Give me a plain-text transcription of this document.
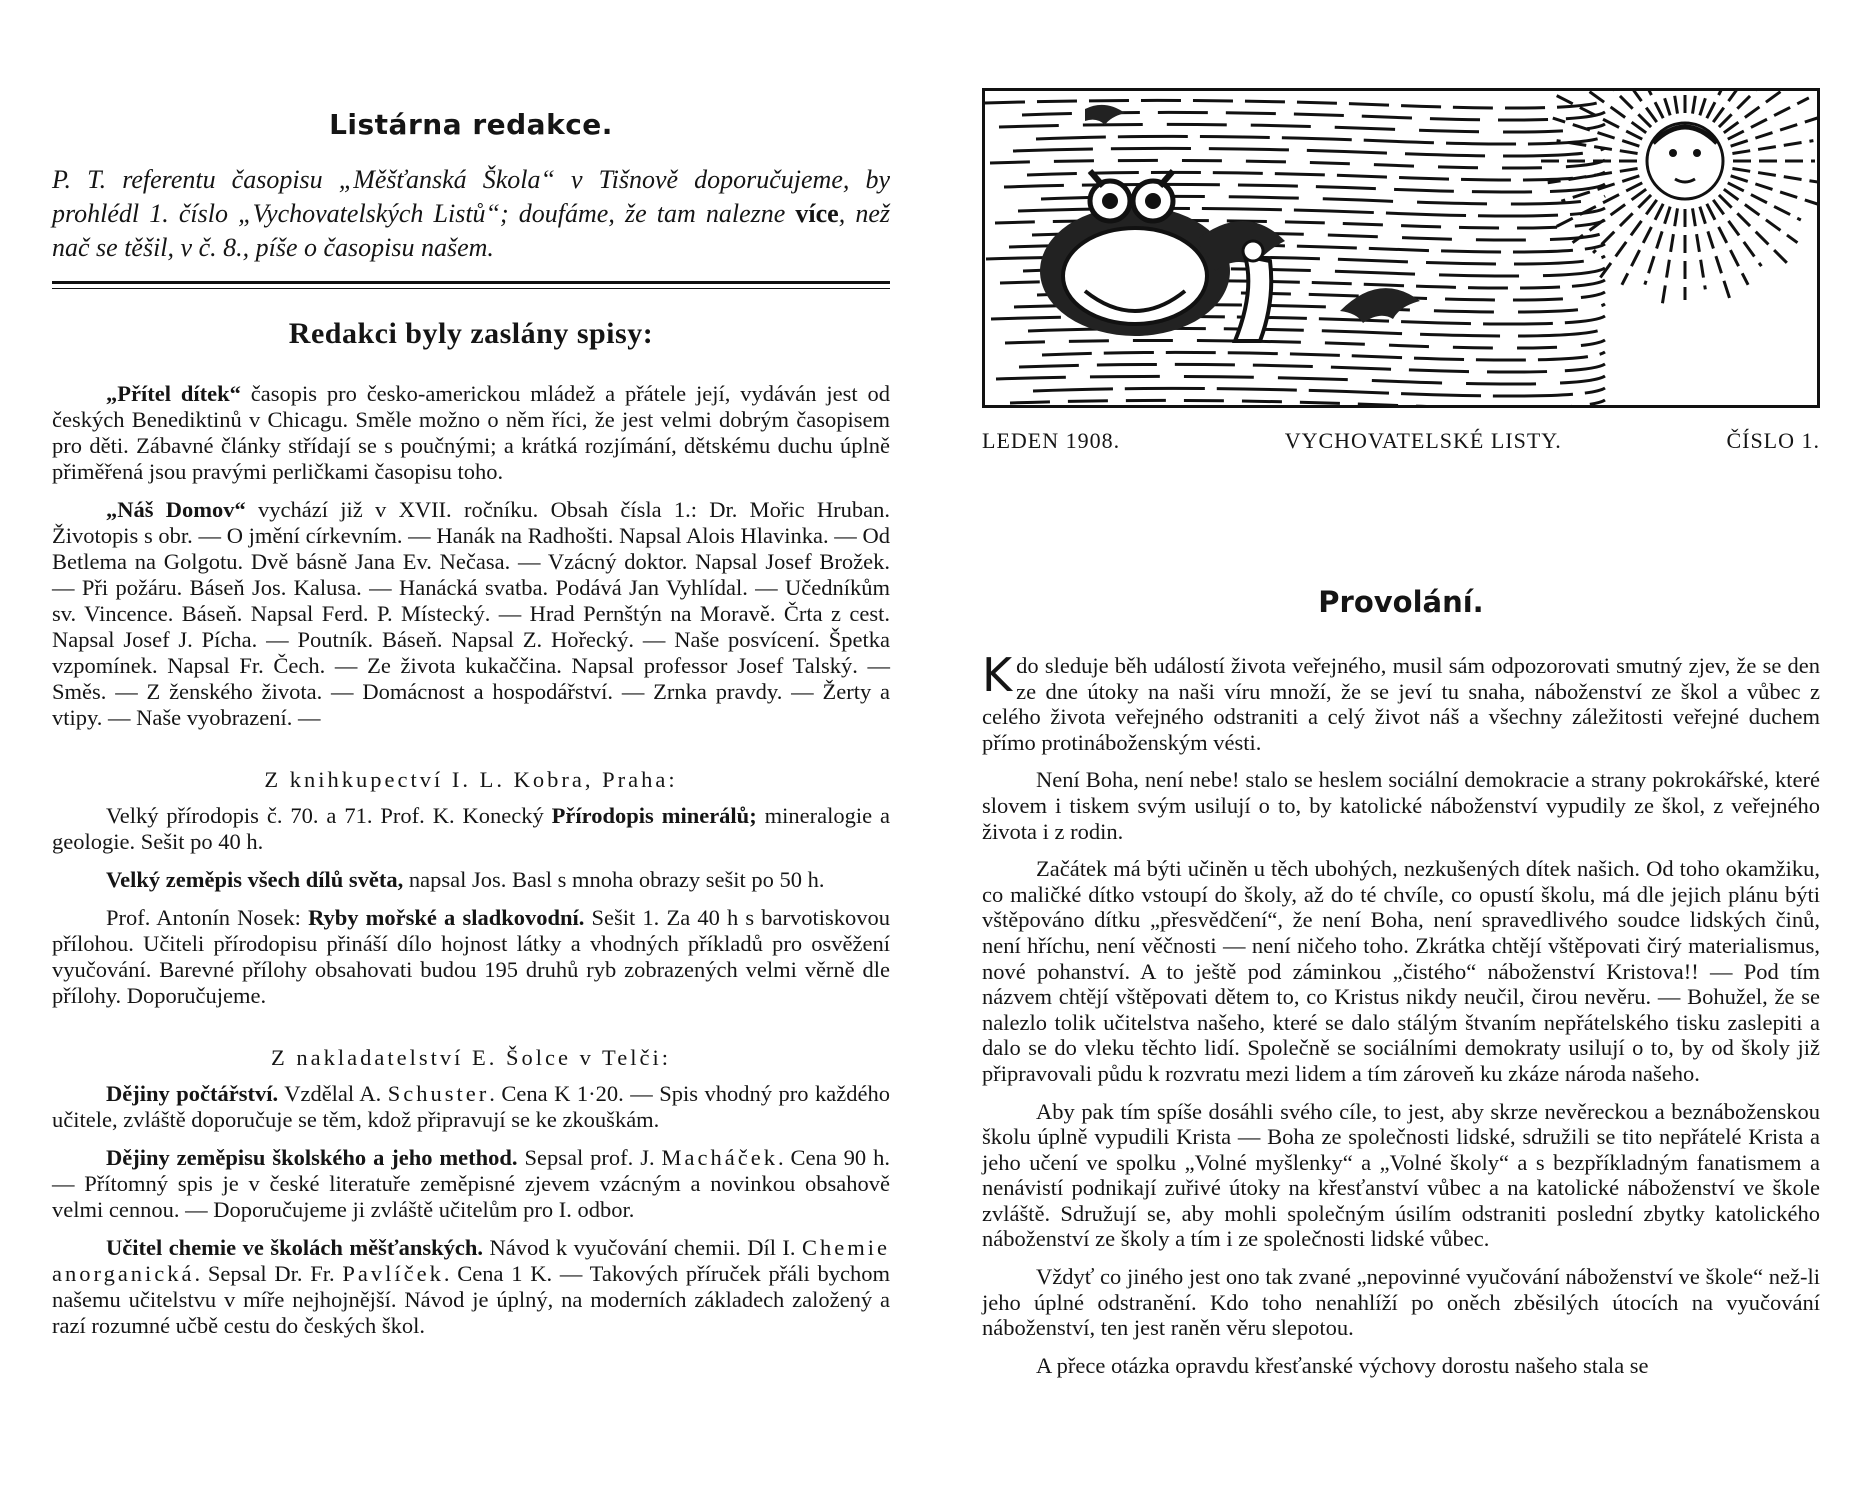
Listárna redakce.

P. T. referentu časopisu „Měšťanská Škola“ v Tišnově doporučujeme, by prohlédl 1. číslo „Vychovatelských Listů“; doufáme, že tam nalezne více, než nač se těšil, v č. 8., píše o časopisu našem.

Redakci byly zaslány spisy:

„Přítel dítek“ časopis pro česko-americkou mládež a přátele její, vydáván jest od českých Benediktinů v Chicagu. Směle možno o něm říci, že jest velmi dobrým časopisem pro děti. Zábavné články střídají se s poučnými; a krátká rozjímání, dětskému duchu úplně přiměřená jsou pravými perličkami časopisu toho.

„Náš Domov“ vychází již v XVII. ročníku. Obsah čísla 1.: Dr. Mořic Hruban. Životopis s obr. — O jmění církevním. — Hanák na Radhošti. Napsal Alois Hlavinka. — Od Betlema na Golgotu. Dvě básně Jana Ev. Nečasa. — Vzácný doktor. Napsal Josef Brožek. — Při požáru. Báseň Jos. Kalusa. — Hanácká svatba. Podává Jan Vyhlídal. — Učedníkům sv. Vincence. Báseň. Napsal Ferd. P. Místecký. — Hrad Pernštýn na Moravě. Črta z cest. Napsal Josef J. Pícha. — Poutník. Báseň. Napsal Z. Hořecký. — Naše posvícení. Špetka vzpomínek. Napsal Fr. Čech. — Ze života kukaččina. Napsal professor Josef Talský. — Směs. — Z ženského života. — Domácnost a hospodářství. — Zrnka pravdy. — Žerty a vtipy. — Naše vyobrazení. —

Z knihkupectví I. L. Kobra, Praha:

Velký přírodopis č. 70. a 71. Prof. K. Konecký Přírodopis minerálů; mineralogie a geologie. Sešit po 40 h.

Velký zeměpis všech dílů světa, napsal Jos. Basl s mnoha obrazy sešit po 50 h.

Prof. Antonín Nosek: Ryby mořské a sladkovodní. Sešit 1. Za 40 h s barvotiskovou přílohou. Učiteli přírodopisu přináší dílo hojnost látky a vhodných příkladů pro osvěžení vyučování. Barevné přílohy obsahovati budou 195 druhů ryb zobrazených velmi věrně dle přílohy. Doporučujeme.

Z nakladatelství E. Šolce v Telči:

Dějiny počtářství. Vzdělal A. Schuster. Cena K 1·20. — Spis vhodný pro každého učitele, zvláště doporučuje se těm, kdož připravují se ke zkouškám.

Dějiny zeměpisu školského a jeho method. Sepsal prof. J. Macháček. Cena 90 h. — Přítomný spis je v české literatuře zeměpisné zjevem vzácným a novinkou obsahově velmi cennou. — Doporučujeme ji zvláště učitelům pro I. odbor.

Učitel chemie ve školách měšťanských. Návod k vyučování chemii. Díl I. Chemie anorganická. Sepsal Dr. Fr. Pavlíček. Cena 1 K. — Takových příruček přáli bychom našemu učitelstvu v míře nejhojnější. Návod je úplný, na moderních základech založený a razí rozumné učbě cestu do českých škol.

LEDEN 1908.	VYCHOVATELSKÉ LISTY.	ČÍSLO 1.
Provolání.

Kdo sleduje běh událostí života veřejného, musil sám odpozorovati smutný zjev, že se den ze dne útoky na naši víru množí, že se jeví tu snaha, náboženství ze škol a vůbec z celého života veřejného odstraniti a celý život náš a všechny záležitosti veřejné duchem přímo protináboženským vésti.

Není Boha, není nebe! stalo se heslem sociální demokracie a strany pokrokářské, které slovem i tiskem svým usilují o to, by katolické náboženství vypudily ze škol, z veřejného života i z rodin.

Začátek má býti učiněn u těch ubohých, nezkušených dítek našich. Od toho okamžiku, co maličké dítko vstoupí do školy, až do té chvíle, co opustí školu, má dle jejich plánu býti vštěpováno dítku „přesvědčení“, že není Boha, není spravedlivého soudce lidských činů, není hříchu, není věčnosti — není ničeho toho. Zkrátka chtějí vštěpovati čirý materialismus, nové pohanství. A to ještě pod záminkou „čistého“ náboženství Kristova!! — Pod tím názvem chtějí vštěpovati dětem to, co Kristus nikdy neučil, čirou nevěru. — Bohužel, že se nalezlo tolik učitelstva našeho, které se dalo stálým štvaním nepřátelského tisku zaslepiti a dalo se do vleku těchto lidí. Společně se sociálními demokraty usilují o to, by od školy již připravovali půdu k rozvratu mezi lidem a tím zároveň ku zkáze národa našeho.

Aby pak tím spíše dosáhli svého cíle, to jest, aby skrze nevěreckou a beznáboženskou školu úplně vypudili Krista — Boha ze společnosti lidské, sdružili se tito nepřátelé Krista a jeho učení ve spolku „Volné myšlenky“ a „Volné školy“ a s bezpříkladným fanatismem a nenávistí podnikají zuřivé útoky na křesťanství vůbec a na katolické náboženství ve škole zvláště. Sdružují se, aby mohli společným úsilím odstraniti poslední zbytky katolického náboženství ze školy a tím i ze společnosti lidské vůbec.

Vždyť co jiného jest ono tak zvané „nepovinné vyučování náboženství ve škole“ než-li jeho úplné odstranění. Kdo toho nenahlíží po oněch zběsilých útocích na vyučování náboženství, ten jest raněn věru slepotou.

A přece otázka opravdu křesťanské výchovy dorostu našeho stala se
